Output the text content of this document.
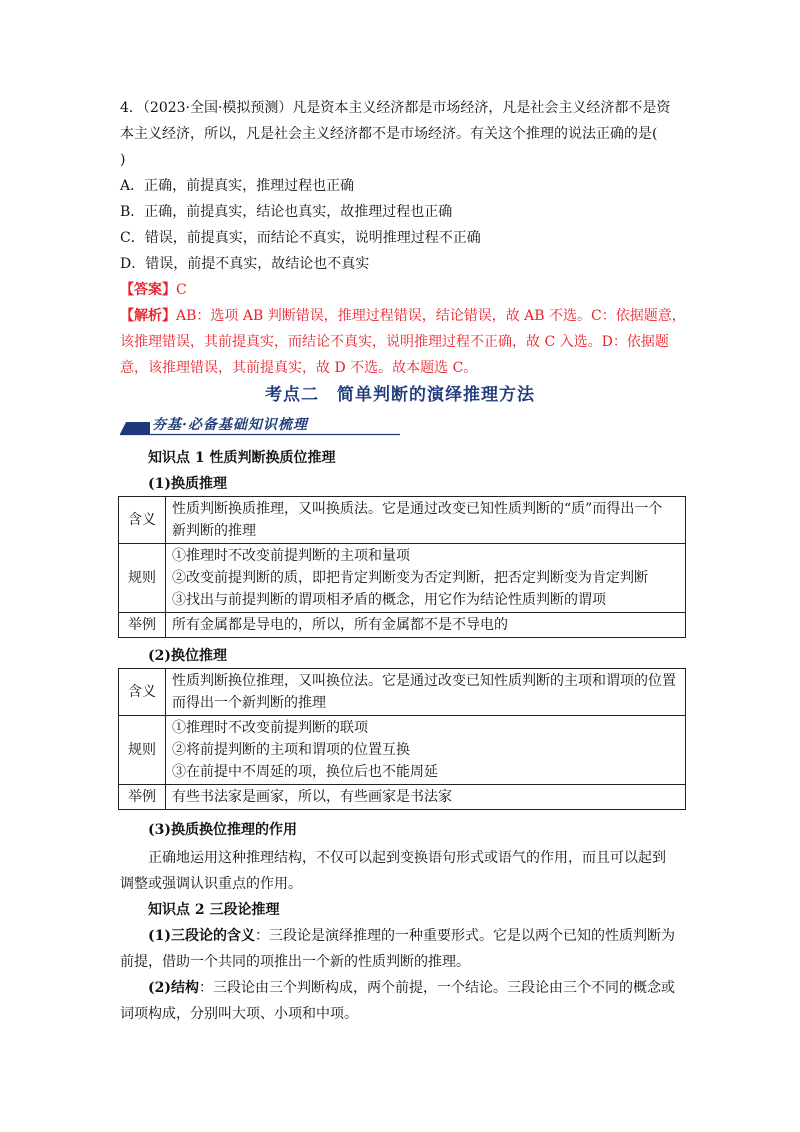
4．（2023·全国·模拟预测）凡是资本主义经济都是市场经济，凡是社会主义经济都不是资
本主义经济，所以，凡是社会主义经济都不是市场经济。有关这个推理的说法正确的是(
)
A．正确，前提真实，推理过程也正确
B．正确，前提真实，结论也真实，故推理过程也正确
C．错误，前提真实，而结论不真实，说明推理过程不正确
D．错误，前提不真实，故结论也不真实
【答案】C
【解析】AB：选项 AB 判断错误，推理过程错误，结论错误，故 AB 不选。C：依据题意，
该推理错误，其前提真实，而结论不真实，说明推理过程不正确，故 C 入选。D：依据题
意，该推理错误，其前提真实，故 D 不选。故本题选 C。
考点二　简单判断的演绎推理方法
夯基·必备基础知识梳理
知识点 1 性质判断换质位推理
(1)换质推理
含义	性质判断换质推理，又叫换质法。它是通过改变已知性质判断的“质”而得出一个
新判断的推理

规则	①推理时不改变前提判断的主项和量项
②改变前提判断的质，即把肯定判断变为否定判断，把否定判断变为肯定判断
③找出与前提判断的谓项相矛盾的概念，用它作为结论性质判断的谓项

举例	所有金属都是导电的，所以，所有金属都不是不导电的
(2)换位推理
含义	性质判断换位推理，又叫换位法。它是通过改变已知性质判断的主项和谓项的位置
而得出一个新判断的推理

规则	①推理时不改变前提判断的联项
②将前提判断的主项和谓项的位置互换
③在前提中不周延的项，换位后也不能周延

举例	有些书法家是画家，所以，有些画家是书法家
(3)换质换位推理的作用
正确地运用这种推理结构，不仅可以起到变换语句形式或语气的作用，而且可以起到
调整或强调认识重点的作用。
知识点 2 三段论推理
(1)三段论的含义：三段论是演绎推理的一种重要形式。它是以两个已知的性质判断为
前提，借助一个共同的项推出一个新的性质判断的推理。
(2)结构：三段论由三个判断构成，两个前提，一个结论。三段论由三个不同的概念或
词项构成，分别叫大项、小项和中项。
